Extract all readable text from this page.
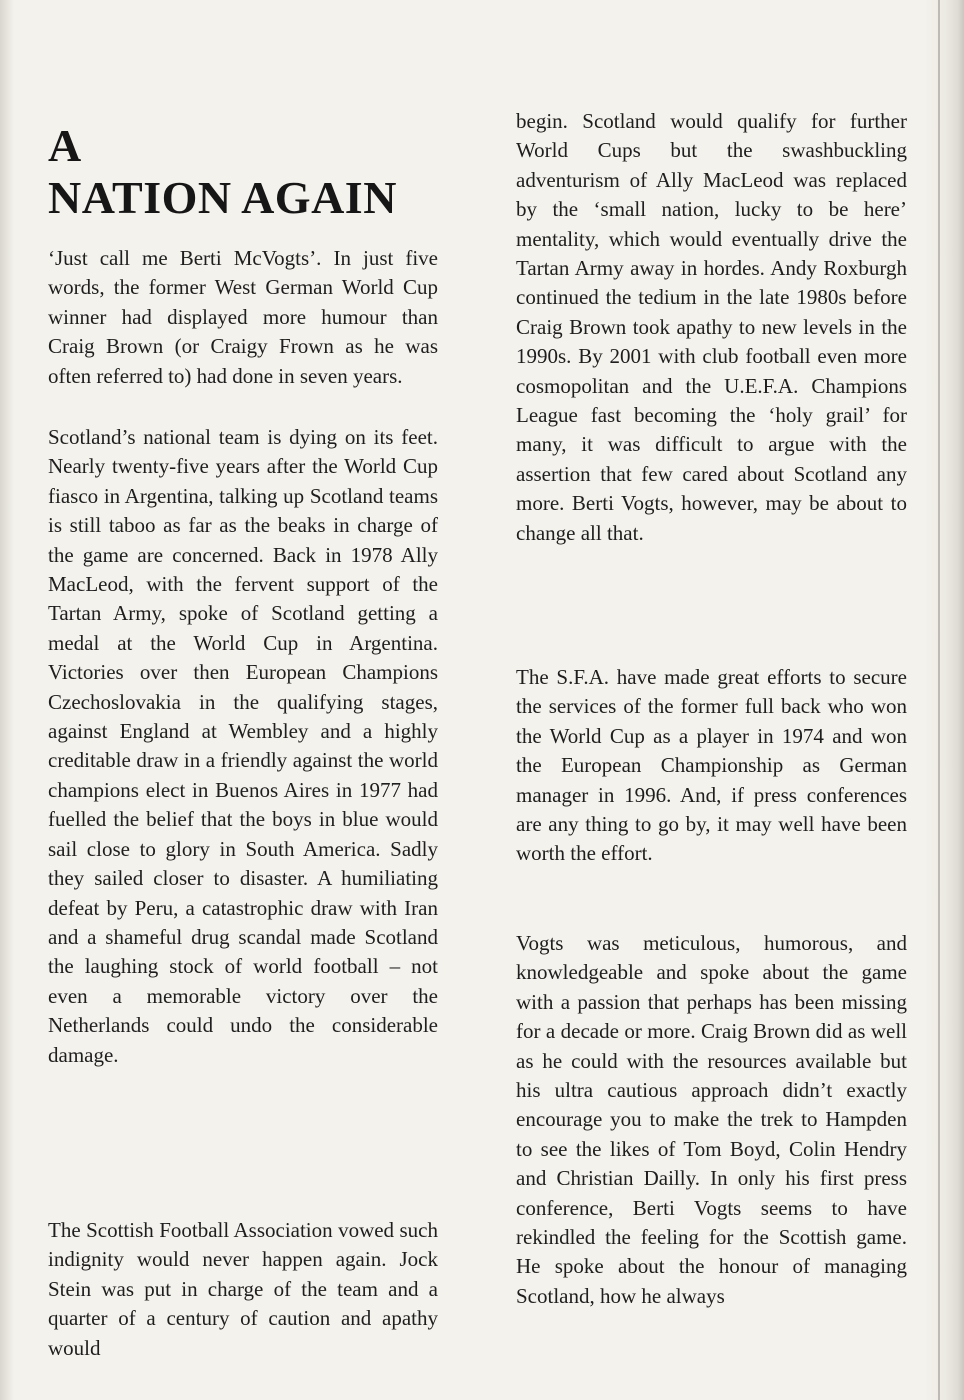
A
NATION AGAIN

‘Just call me Berti McVogts’. In just five words, the former West German World Cup winner had displayed more humour than Craig Brown (or Craigy Frown as he was often referred to) had done in seven years.

Scotland’s national team is dying on its feet. Nearly twenty-five years after the World Cup fiasco in Argentina, talking up Scotland teams is still taboo as far as the beaks in charge of the game are concerned. Back in 1978 Ally MacLeod, with the fervent support of the Tartan Army, spoke of Scotland getting a medal at the World Cup in Argentina. Victories over then European Champions Czechoslovakia in the qualifying stages, against England at Wembley and a highly creditable draw in a friendly against the world champions elect in Buenos Aires in 1977 had fuelled the belief that the boys in blue would sail close to glory in South America. Sadly they sailed closer to disaster. A humiliating defeat by Peru, a catastrophic draw with Iran and a shameful drug scandal made Scotland the laughing stock of world football – not even a memorable victory over the Netherlands could undo the considerable damage.

The Scottish Football Association vowed such indignity would never happen again. Jock Stein was put in charge of the team and a quarter of a century of caution and apathy would

begin. Scotland would qualify for further World Cups but the swashbuckling adventurism of Ally MacLeod was replaced by the ‘small nation, lucky to be here’ mentality, which would eventually drive the Tartan Army away in hordes. Andy Roxburgh continued the tedium in the late 1980s before Craig Brown took apathy to new levels in the 1990s. By 2001 with club football even more cosmopolitan and the U.E.F.A. Champions League fast becoming the ‘holy grail’ for many, it was difficult to argue with the assertion that few cared about Scotland any more. Berti Vogts, however, may be about to change all that.

The S.F.A. have made great efforts to secure the services of the former full back who won the World Cup as a player in 1974 and won the European Championship as German manager in 1996. And, if press conferences are any thing to go by, it may well have been worth the effort.

Vogts was meticulous, humorous, and knowledgeable and spoke about the game with a passion that perhaps has been missing for a decade or more. Craig Brown did as well as he could with the resources available but his ultra cautious approach didn’t exactly encourage you to make the trek to Hampden to see the likes of Tom Boyd, Colin Hendry and Christian Dailly. In only his first press conference, Berti Vogts seems to have rekindled the feeling for the Scottish game. He spoke about the honour of managing Scotland, how he always
